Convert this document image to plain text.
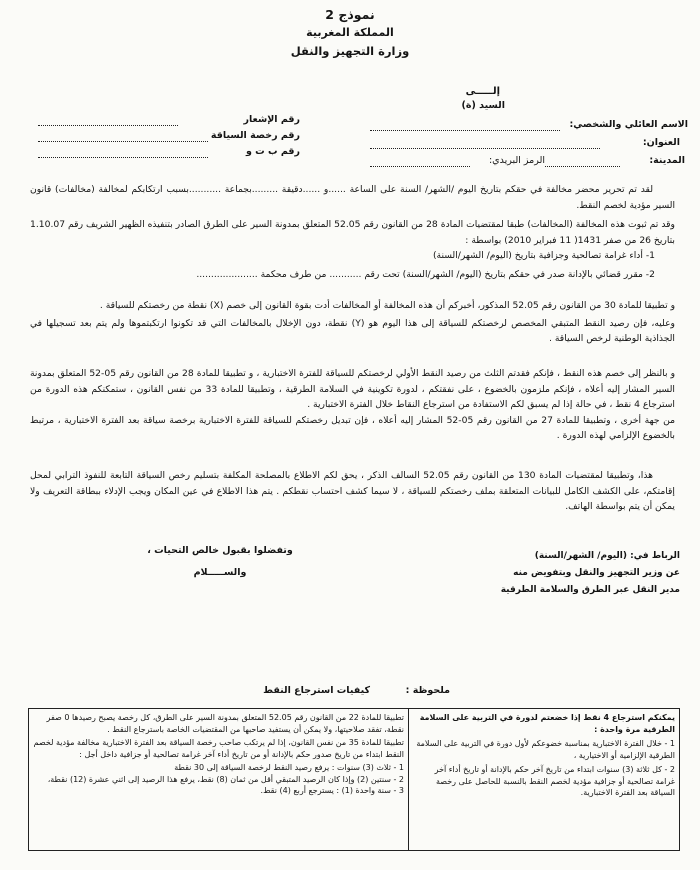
نموذج 2
المملكة المغربية
وزارة التجهيز والنقل
إلـــــى
السيد (ة)
رقم الإشعار
رقم رخصة السياقة
رقم ب ت و
الاسم العائلي والشخصي:
العنوان:
المدينة:
الرمز البريدي:
لقد تم تحرير محضر مخالفة في حقكم بتاريخ اليوم /الشهر/ السنة على الساعة ......و ......دقيقة .........بجماعة ...........بسبب ارتكابكم لمخالفة (مخالفات) قانون السير مؤدية لخصم النقط.
وقد تم ثبوت هذه المخالفة (المخالفات) طبقا لمقتضيات المادة 28 من القانون رقم 52.05 المتعلق بمدونة السير على الطرق الصادر بتنفيذه الظهير الشريف رقم 1.10.07 بتاريخ 26 من صفر 1431( 11 فبراير 2010) بواسطة :
1- أداء غرامة تصالحية وجزافية بتاريخ (اليوم/ الشهر/السنة)
2- مقرر قضائي بالإدانة صدر في حقكم بتاريخ (اليوم/ الشهر/السنة) تحت رقم ........... من طرف محكمة .....................
و تطبيقا للمادة 30 من القانون رقم 52.05 المذكور، أخبركم أن هذه المخالفة أو المخالفات أدت بقوة القانون إلى خصم (X) نقطة من رخصتكم للسياقة .
وعليه، فإن رصيد النقط المتبقي المخصص لرخصتكم للسياقة إلى هذا اليوم هو (Y) نقطة، دون الإخلال بالمخالفات التي قد تكونوا ارتكبتموها ولم يتم بعد تسجيلها في الجذاذية الوطنية لرخص السياقة .
و بالنظر إلى خصم هذه النقط ، فإنكم فقدتم الثلث من رصيد النقط الأولي لرخصتكم للسياقة للفترة الاختبارية ، و تطبيقا للمادة 28 من القانون رقم 05-52 المتعلق بمدونة السير المشار إليه أعلاه ، فإنكم ملزمون بالخضوع ، على نفقتكم ، لدورة تكوينية في السلامة الطرقية ، وتطبيقا للمادة 33 من نفس القانون ، ستمكنكم هذه الدورة من استرجاع 4 نقط ، في حالة إذا لم يسبق لكم الاستفادة من استرجاع النقاط خلال الفترة الاختبارية .
من جهة أخرى ، وتطبيقا للمادة 27 من القانون رقم 05-52 المشار إليه أعلاه ، فإن تبديل رخصتكم للسياقة للفترة الاختبارية برخصة سياقة بعد الفترة الاختبارية ، مرتبط بالخضوع الإلزامي لهذه الدورة .
هذا، وتطبيقا لمقتضيات المادة 130 من القانون رقم 52.05 السالف الذكر ، يحق لكم الاطلاع بالمصلحة المكلفة بتسليم رخص السياقة التابعة للنفوذ الترابي لمحل إقامتكم، على الكشف الكامل للبيانات المتعلقة بملف رخصتكم للسياقة ، لا سيما كشف احتساب نقطكم . يتم هذا الاطلاع في عين المكان ويجب الإدلاء ببطاقة التعريف ولا يمكن أن يتم بواسطة الهاتف.
وتفضلوا بقبول خالص التحيات ،
والســـــلام
الرباط في: (اليوم/ الشهر/السنة)
عن وزير التجهيز والنقل وبتفويض منه
مدير النقل عبر الطرق والسلامة الطرقية
ملحوظة :
كيفيات استرجاع النقط
يمكنكم استرجاع 4 نقط إذا خضعتم لدورة في التربية على السلامة الطرقية مرة واحدة :
1 - خلال الفترة الاختبارية بمناسبة خضوعكم لأول دورة في التربية على السلامة الطرقية الإلزامية أو الاختيارية ،
2 - كل ثلاثة (3) سنوات ابتداء من تاريخ آخر حكم بالإدانة أو تاريخ أداء آخر غرامة تصالحية أو جزافية مؤدية لخصم النقط بالنسبة للحاصل على رخصة السياقة بعد الفترة الاختبارية.

تطبيقا للمادة 22 من القانون رقم 52.05 المتعلق بمدونة السير على الطرق، كل رخصة يصبح رصيدها 0 صفر نقطة، تفقد صلاحيتها، ولا يمكن أن يستفيد صاحبها من المقتضيات الخاصة باسترجاع النقط .
تطبيقا للمادة 35 من نفس القانون، إذا لم يرتكب صاحب رخصة السياقة بعد الفترة الاختبارية مخالفة مؤدية لخصم النقط ابتداء من تاريخ صدور حكم بالإدانة أو من تاريخ أداء آخر غرامة تصالحية أو جزافية داخل أجل :
1 - ثلاث (3) سنوات : يرفع رصيد النقط لرخصة السياقة إلى 30 نقطة
2 - سنتين (2) وإذا كان الرصيد المتبقي أقل من ثمان (8) نقط، يرفع هذا الرصيد إلى اثني عشرة (12) نقطة،
3 - سنة واحدة (1) : يسترجع أربع (4) نقط.
